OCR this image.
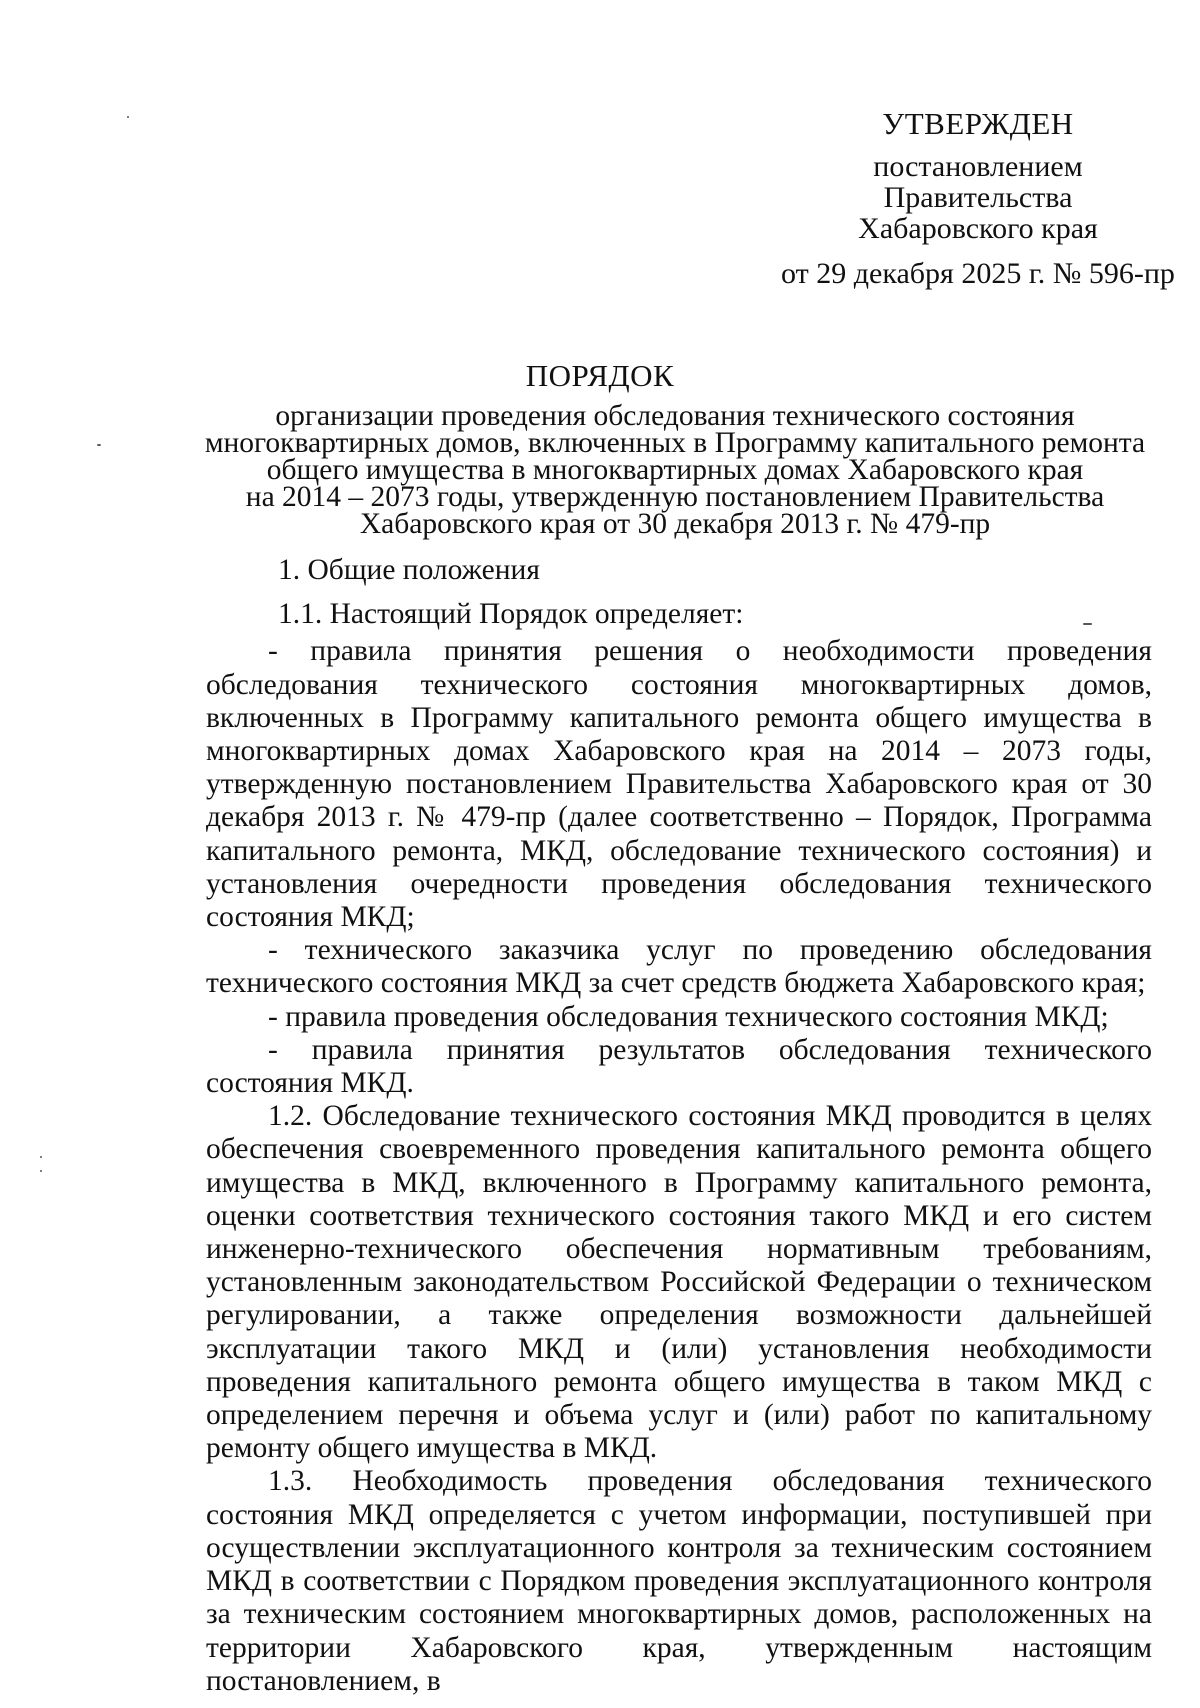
УТВЕРЖДЕН
постановлением
Правительства
Хабаровского края
от 29 декабря 2025 г. № 596-пр
ПОРЯДОК
организации проведения обследования технического состояния
многоквартирных домов, включенных в Программу капитального ремонта
общего имущества в многоквартирных домах Хабаровского края
на 2014 – 2073 годы, утвержденную постановлением Правительства
Хабаровского края от 30 декабря 2013 г. № 479-пр

1. Общие положения

1.1. Настоящий Порядок определяет:

- правила принятия решения о необходимости проведения обследования технического состояния многоквартирных домов, включенных в Программу капитального ремонта общего имущества в многоквартирных домах Хабаровского края на 2014 – 2073 годы, утвержденную постановлением Правительства Хабаровского края от 30 декабря 2013 г. № 479-пр (далее соответственно – Порядок, Программа капитального ремонта, МКД, обследование технического состояния) и установления очередности проведения обследования технического состояния МКД;

- технического заказчика услуг по проведению обследования технического состояния МКД за счет средств бюджета Хабаровского края;

- правила проведения обследования технического состояния МКД;

- правила принятия результатов обследования технического состояния МКД.

1.2. Обследование технического состояния МКД проводится в целях обеспечения своевременного проведения капитального ремонта общего имущества в МКД, включенного в Программу капитального ремонта, оценки соответствия технического состояния такого МКД и его систем инженерно-технического обеспечения нормативным требованиям, установленным законодательством Российской Федерации о техническом регулировании, а также определения возможности дальнейшей эксплуатации такого МКД и (или) установления необходимости проведения капитального ремонта общего имущества в таком МКД с определением перечня и объема услуг и (или) работ по капитальному ремонту общего имущества в МКД.

1.3. Необходимость проведения обследования технического состояния МКД определяется с учетом информации, поступившей при осуществлении эксплуатационного контроля за техническим состоянием МКД в соответствии с Порядком проведения эксплуатационного контроля за техническим состоянием многоквартирных домов, расположенных на территории Хабаровского края, утвержденным настоящим постановлением, в
